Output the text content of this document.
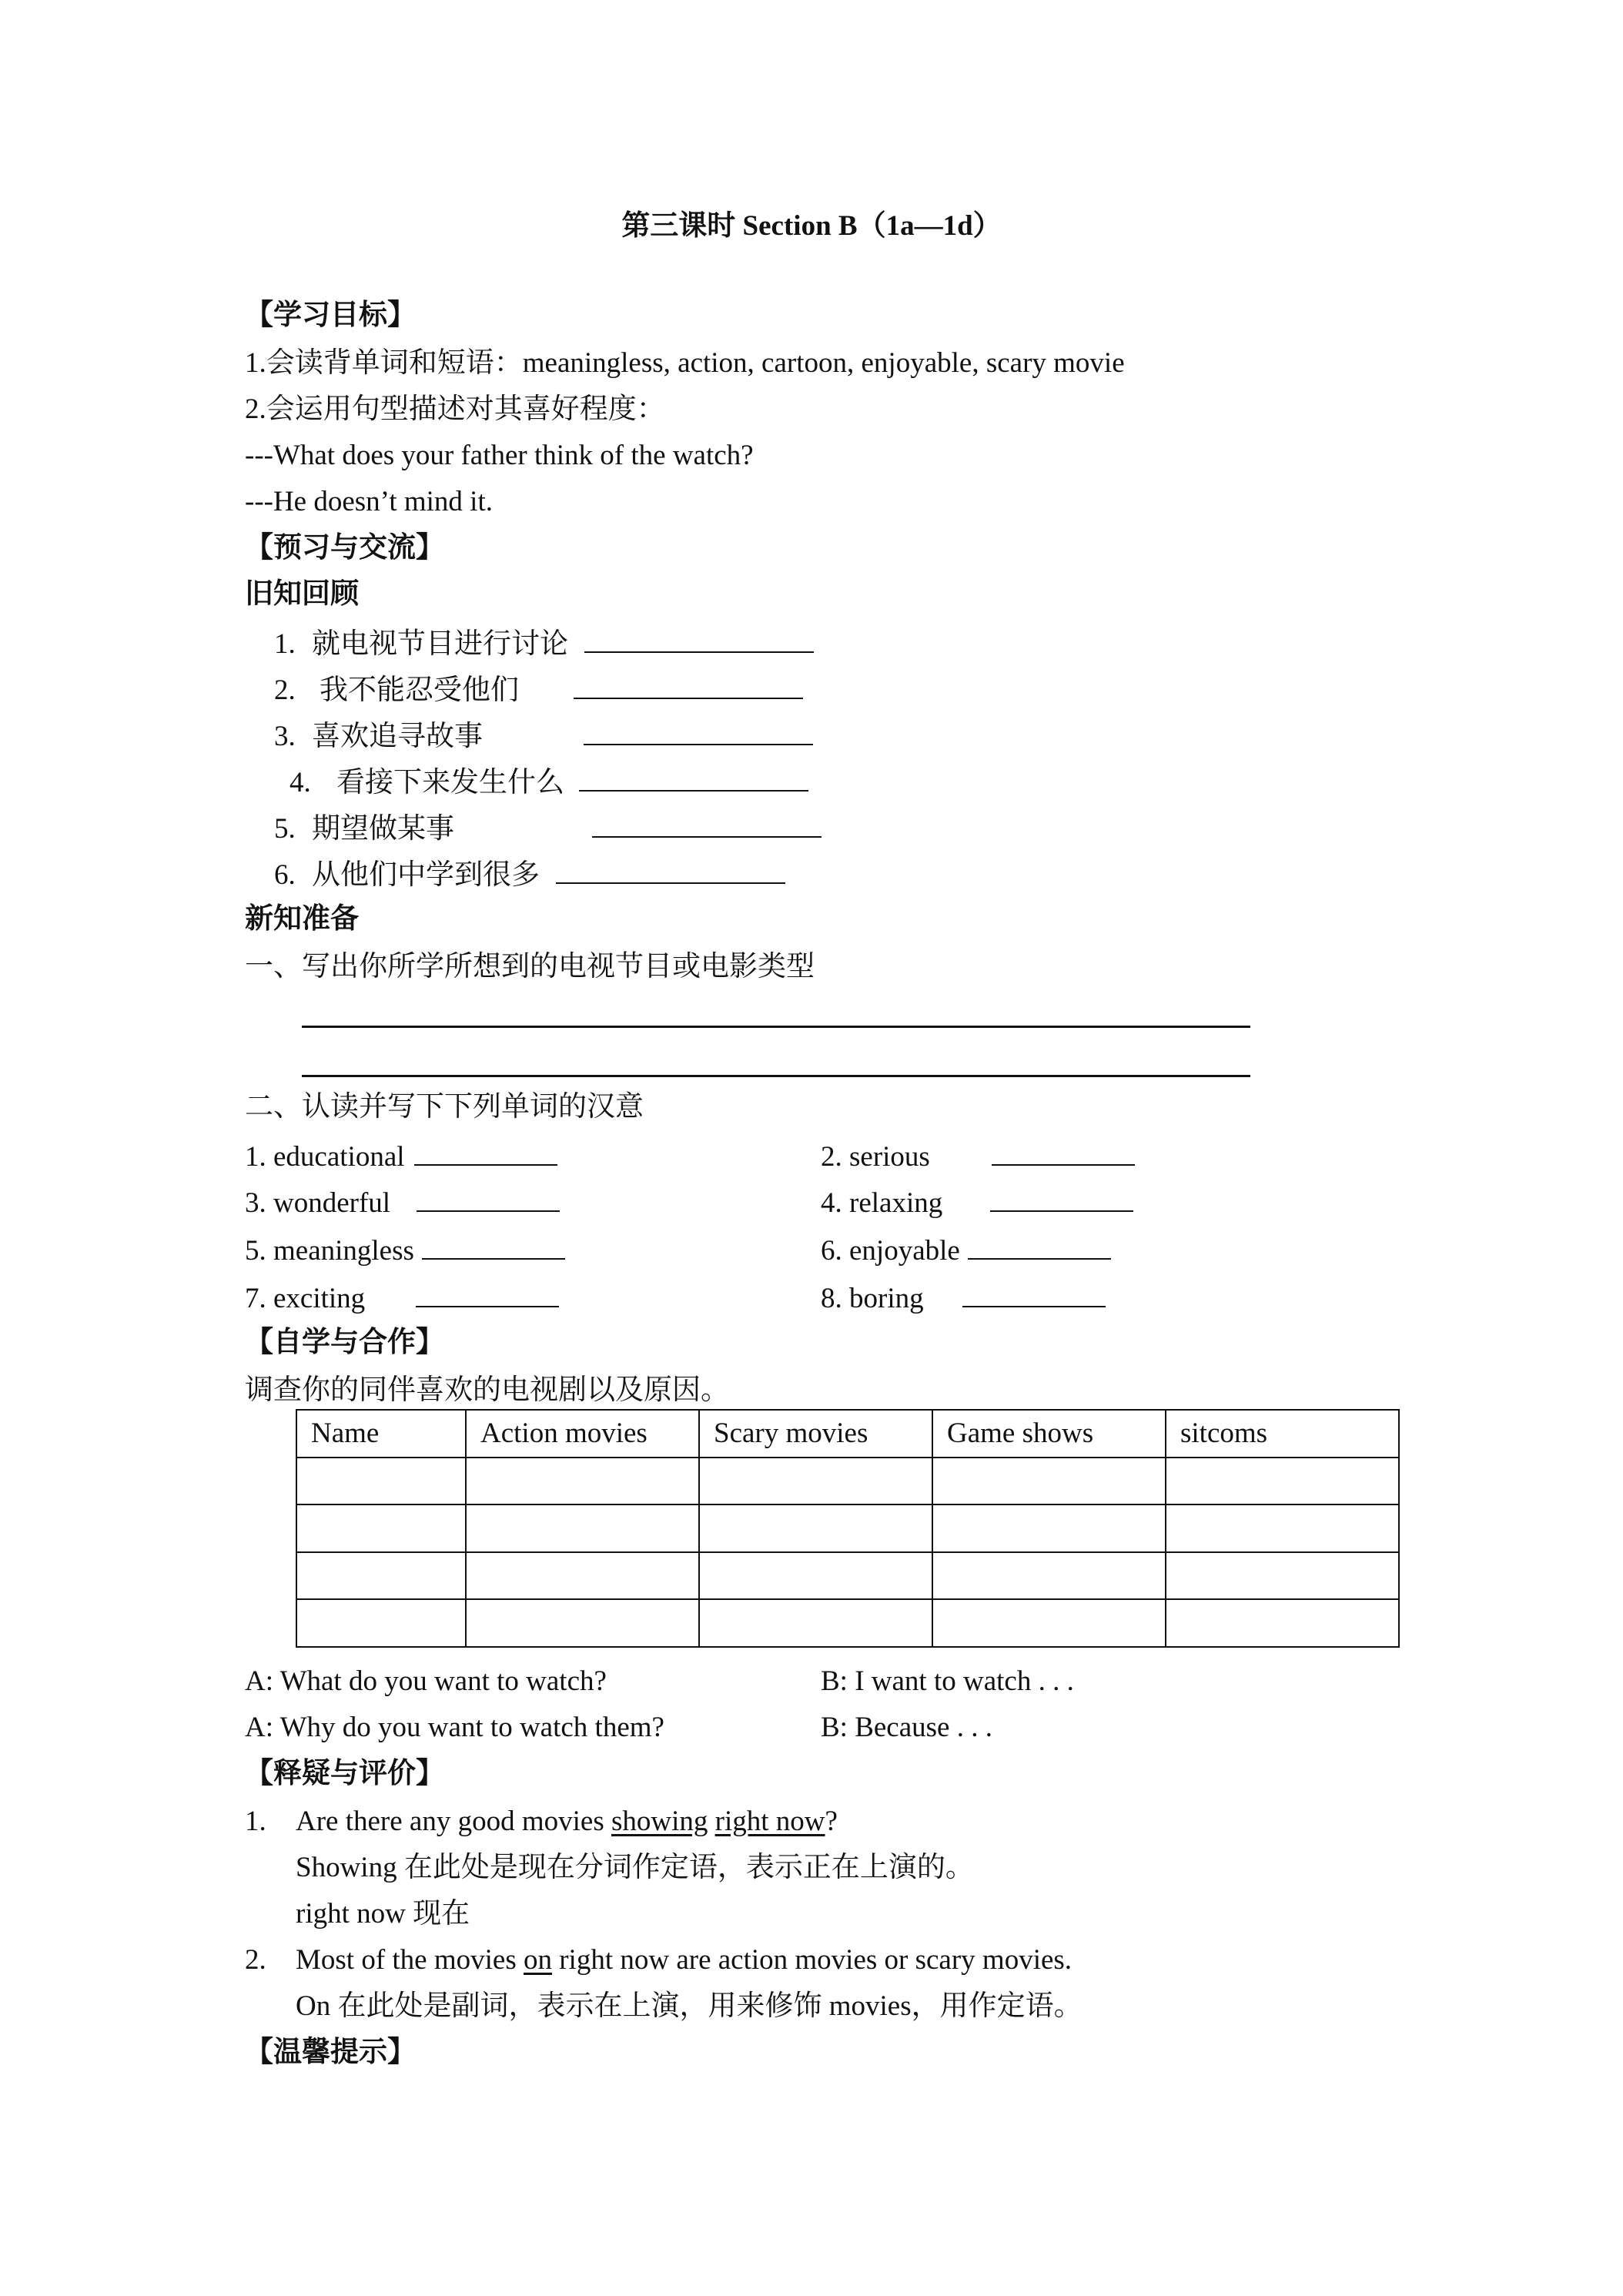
第三课时 Section B（1a—1d）
【学习目标】
1.会读背单词和短语：meaningless, action, cartoon, enjoyable, scary movie
2.会运用句型描述对其喜好程度：
---What does your father think of the watch?
---He doesn’t mind it.
【预习与交流】
旧知回顾
1. 就电视节目进行讨论
2. 我不能忍受他们
3. 喜欢追寻故事
4. 看接下来发生什么
5. 期望做某事
6. 从他们中学到很多
新知准备
一、写出你所学所想到的电视节目或电影类型
二、认读并写下下列单词的汉意
1. educational	2. serious
3. wonderful	4. relaxing
5. meaningless	6. enjoyable
7. exciting	8. boring
【自学与合作】
调查你的同伴喜欢的电视剧以及原因。
Name	Action movies	Scary movies	Game shows	sitcoms

A: What do you want to watch?	B: I want to watch . . .
A: Why do you want to watch them?	B: Because . . .
【释疑与评价】
1. Are there any good movies showing right now?
Showing 在此处是现在分词作定语，表示正在上演的。
right now 现在
2. Most of the movies on right now are action movies or scary movies.
On 在此处是副词，表示在上演，用来修饰 movies，用作定语。
【温馨提示】
